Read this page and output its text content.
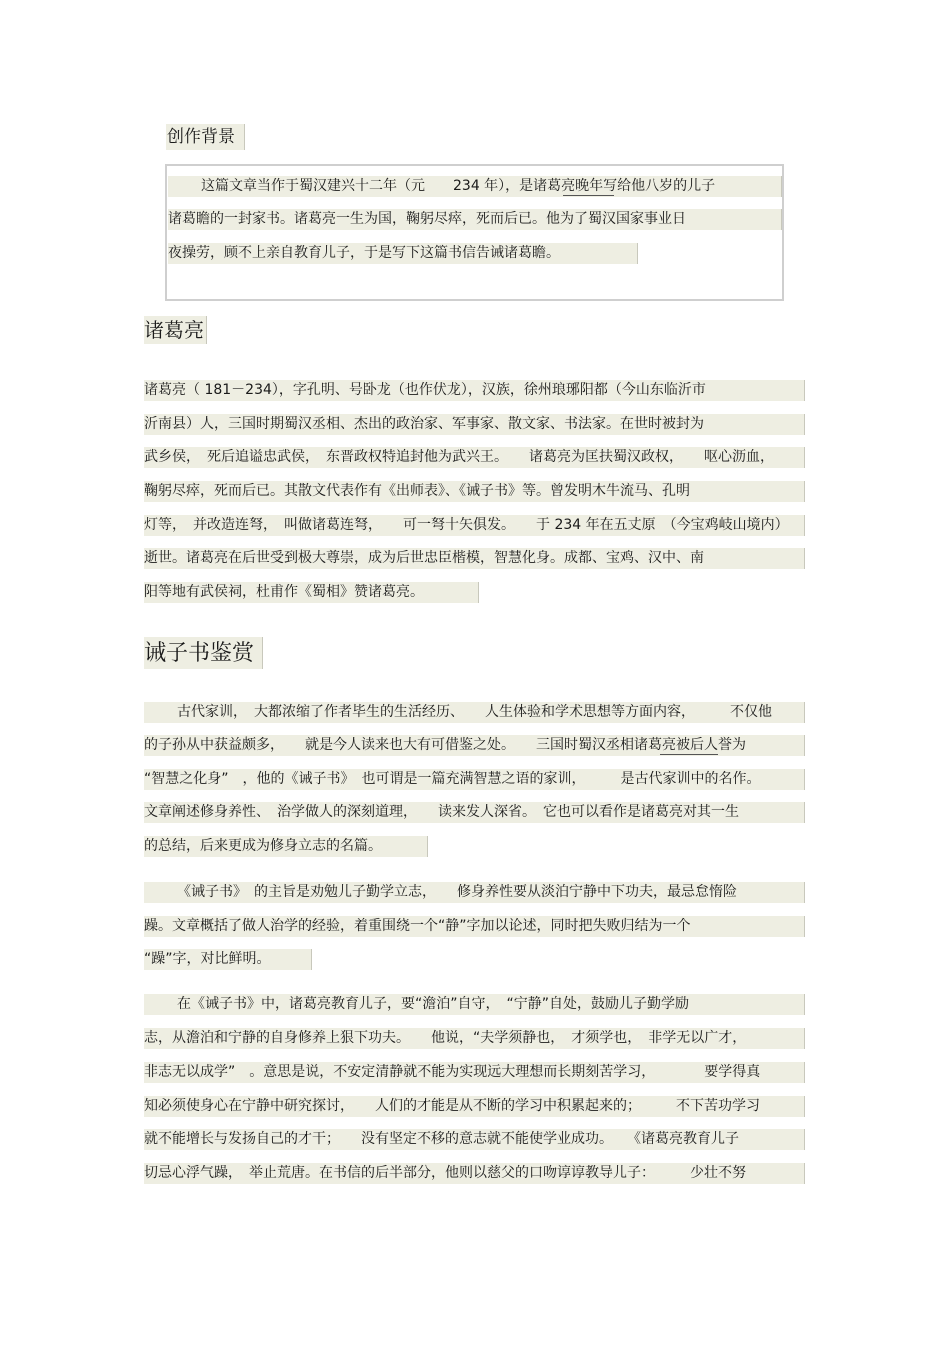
创作背景
这篇文章当作于蜀汉建兴十二年（元　　234 年），是诸葛亮晚年写给他八岁的儿子
诸葛瞻的一封家书。诸葛亮一生为国，鞠躬尽瘁，死而后已。他为了蜀汉国家事业日
夜操劳，顾不上亲自教育儿子，于是写下这篇书信告诫诸葛瞻。
诸葛亮
诸葛亮（ 181－234），字孔明、号卧龙（也作伏龙），汉族，徐州琅琊阳都（今山东临沂市
沂南县）人，三国时期蜀汉丞相、杰出的政治家、军事家、散文家、书法家。在世时被封为
武乡侯，　死后追谥忠武侯，　东晋政权特追封他为武兴王。　　诸葛亮为匡扶蜀汉政权，　　呕心沥血，
鞠躬尽瘁，死而后已。其散文代表作有《出师表》、《诫子书》等。曾发明木牛流马、孔明
灯等，　并改造连弩，　叫做诸葛连弩，　　可一弩十矢俱发。　　于 234 年在五丈原　（今宝鸡岐山境内）
逝世。诸葛亮在后世受到极大尊崇，成为后世忠臣楷模，智慧化身。成都、宝鸡、汉中、南
阳等地有武侯祠，杜甫作《蜀相》赞诸葛亮。
诫子书鉴赏
古代家训，　大都浓缩了作者毕生的生活经历、　　人生体验和学术思想等方面内容，　　　不仅他
的子孙从中获益颇多，　　就是今人读来也大有可借鉴之处。　　三国时蜀汉丞相诸葛亮被后人誉为
“智慧之化身”　，他的《诫子书》　也可谓是一篇充满智慧之语的家训，　　　是古代家训中的名作。
文章阐述修身养性、　治学做人的深刻道理，　　读来发人深省。　它也可以看作是诸葛亮对其一生
的总结，后来更成为修身立志的名篇。
《诫子书》　的主旨是劝勉儿子勤学立志，　　修身养性要从淡泊宁静中下功夫，最忌怠惰险
躁。文章概括了做人治学的经验，着重围绕一个“静”字加以论述，同时把失败归结为一个
“躁”字，对比鲜明。
在《诫子书》中，诸葛亮教育儿子，要“澹泊”自守，　“宁静”自处，鼓励儿子勤学励
志，从澹泊和宁静的自身修养上狠下功夫。　　他说，“夫学须静也，　才须学也，　非学无以广才，
非志无以成学”　。意思是说，不安定清静就不能为实现远大理想而长期刻苦学习，　　　　要学得真
知必须使身心在宁静中研究探讨，　　人们的才能是从不断的学习中积累起来的；　　　不下苦功学习
就不能增长与发扬自己的才干；　　没有坚定不移的意志就不能使学业成功。　　《诸葛亮教育儿子
切忌心浮气躁，　举止荒唐。在书信的后半部分，他则以慈父的口吻谆谆教导儿子：　　　少壮不努
